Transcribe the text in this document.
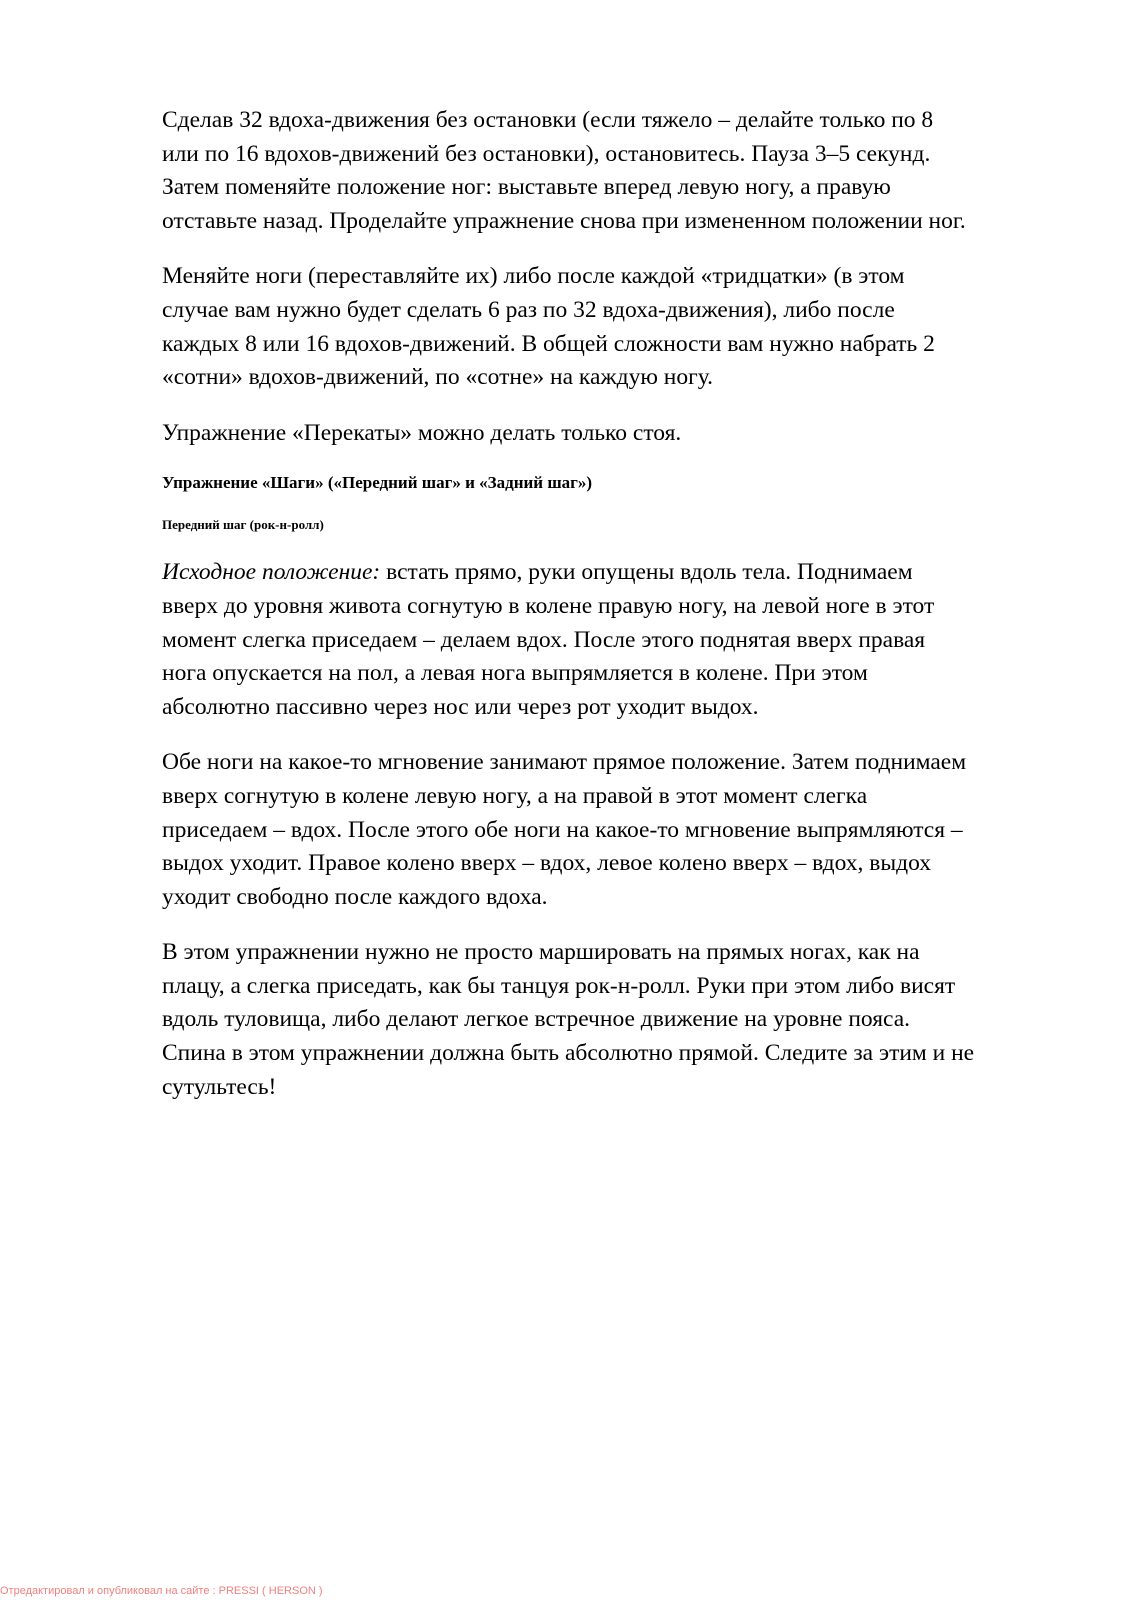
Сделав 32 вдоха-движения без остановки (если тяжело – делайте только по 8
или по 16 вдохов-движений без остановки), остановитесь. Пауза 3–5 секунд.
Затем поменяйте положение ног: выставьте вперед левую ногу, а правую
отставьте назад. Проделайте упражнение снова при измененном положении ног.

Меняйте ноги (переставляйте их) либо после каждой «тридцатки» (в этом
случае вам нужно будет сделать 6 раз по 32 вдоха-движения), либо после
каждых 8 или 16 вдохов-движений. В общей сложности вам нужно набрать 2
«сотни» вдохов-движений, по «сотне» на каждую ногу.

Упражнение «Перекаты» можно делать только стоя.

Упражнение «Шаги» («Передний шаг» и «Задний шаг»)
Передний шаг (рок-н-ролл)

Исходное положение: встать прямо, руки опущены вдоль тела. Поднимаем
вверх до уровня живота согнутую в колене правую ногу, на левой ноге в этот
момент слегка приседаем – делаем вдох. После этого поднятая вверх правая
нога опускается на пол, а левая нога выпрямляется в колене. При этом
абсолютно пассивно через нос или через рот уходит выдох.

Обе ноги на какое-то мгновение занимают прямое положение. Затем поднимаем
вверх согнутую в колене левую ногу, а на правой в этот момент слегка
приседаем – вдох. После этого обе ноги на какое-то мгновение выпрямляются –
выдох уходит. Правое колено вверх – вдох, левое колено вверх – вдох, выдох
уходит свободно после каждого вдоха.

В этом упражнении нужно не просто маршировать на прямых ногах, как на
плацу, а слегка приседать, как бы танцуя рок-н-ролл. Руки при этом либо висят
вдоль туловища, либо делают легкое встречное движение на уровне пояса.
Спина в этом упражнении должна быть абсолютно прямой. Следите за этим и не
сутультесь!

Отредактировал и опубликовал на сайте : PRESSI ( HERSON )
